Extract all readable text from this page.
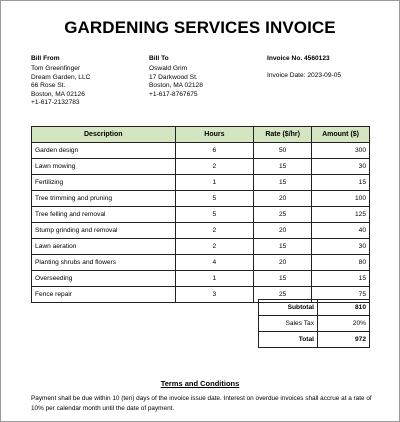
GARDENING SERVICES INVOICE
Bill From
Tom Greenfinger
Dream Garden, LLC
66 Rose St.
Boston, MA 02126
+1-617-2132783
Bill To
Oswald Grim
17 Darkwood St.
Boston, MA 02128
+1-617-8767675
Invoice No. 4560123
Invoice Date: 2023-09-05
Description	Hours	Rate ($/hr)	Amount ($)
Garden design	6	50	300
Lawn mowing	2	15	30
Fertilizing	1	15	15
Tree trimming and pruning	5	20	100
Tree felling and removal	5	25	125
Stump grinding and removal	2	20	40
Lawn aeration	2	15	30
Planting shrubs and flowers	4	20	80
Overseeding	1	15	15
Fence repair	3	25	75
Subtotal	810
Sales Tax	20%
Total	972
Terms and Conditions
Payment shall be due within 10 (ten) days of the invoice issue date. Interest on overdue invoices shall accrue at a rate of 10% per calendar month until the date of payment.
